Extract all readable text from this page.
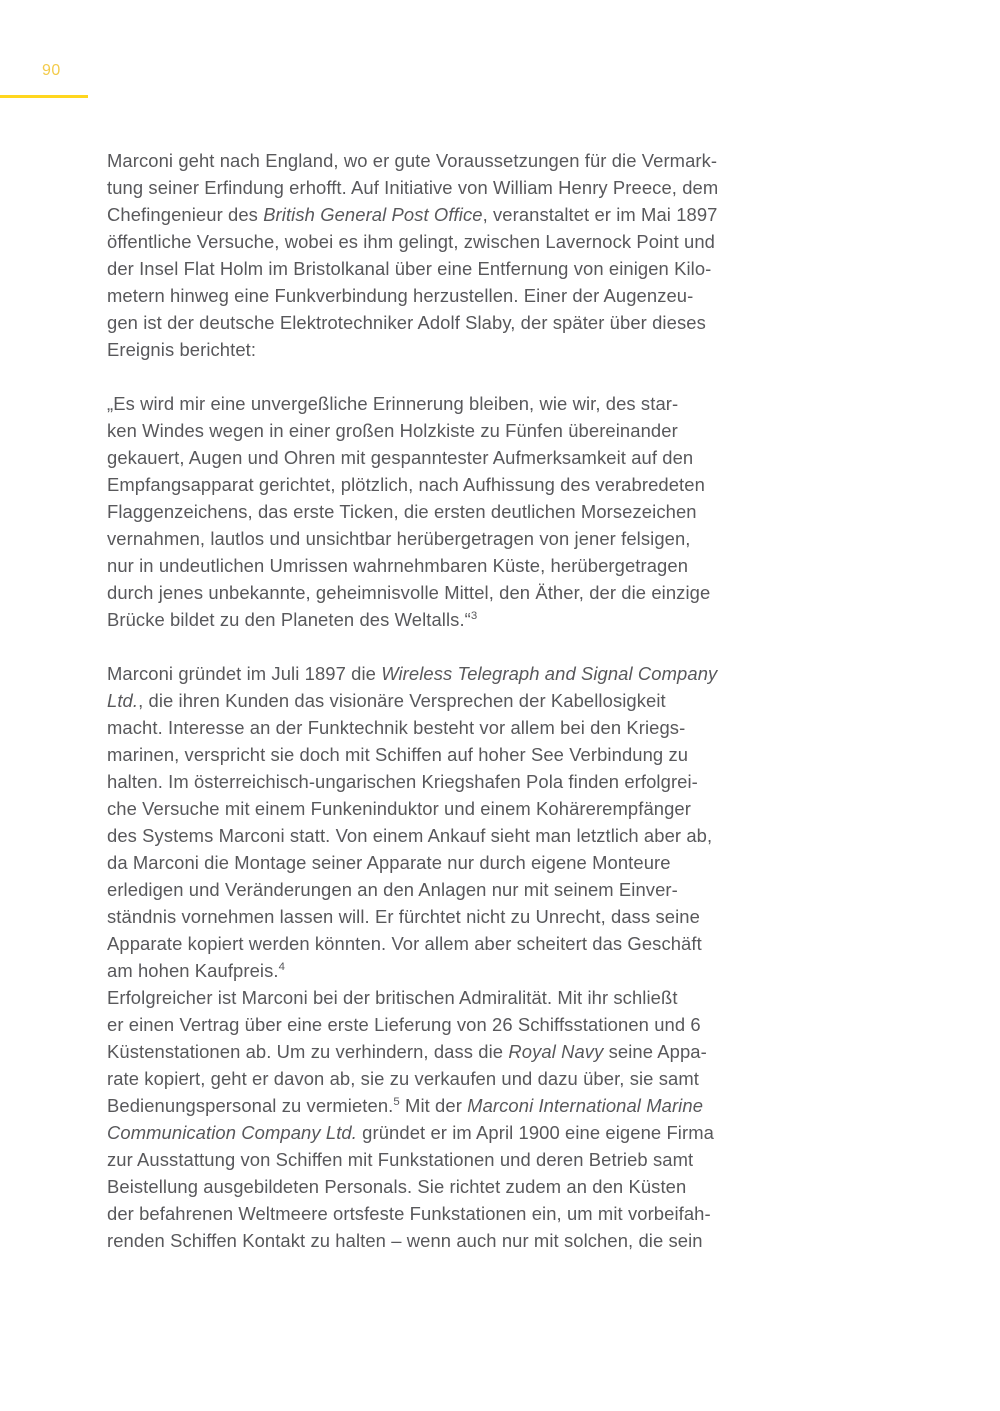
90

Marconi geht nach England, wo er gute Voraussetzungen für die Vermark-
tung seiner Erfindung erhofft. Auf Initiative von William Henry Preece, dem
Chefingenieur des British General Post Office, veranstaltet er im Mai 1897
öffentliche Versuche, wobei es ihm gelingt, zwischen Lavernock Point und
der Insel Flat Holm im Bristolkanal über eine Entfernung von einigen Kilo-
metern hinweg eine Funkverbindung herzustellen. Einer der Augenzeu-
gen ist der deutsche Elektrotechniker Adolf Slaby, der später über dieses
Ereignis berichtet:

„Es wird mir eine unvergeßliche Erinnerung bleiben, wie wir, des star-
ken Windes wegen in einer großen Holzkiste zu Fünfen übereinander
gekauert, Augen und Ohren mit gespanntester Aufmerksamkeit auf den
Empfangsapparat gerichtet, plötzlich, nach Aufhissung des verabredeten
Flaggenzeichens, das erste Ticken, die ersten deutlichen Morsezeichen
vernahmen, lautlos und unsichtbar herübergetragen von jener felsigen,
nur in undeutlichen Umrissen wahrnehmbaren Küste, herübergetragen
durch jenes unbekannte, geheimnisvolle Mittel, den Äther, der die einzige
Brücke bildet zu den Planeten des Weltalls.“$^3$

Marconi gründet im Juli 1897 die Wireless Telegraph and Signal Company
Ltd., die ihren Kunden das visionäre Versprechen der Kabellosigkeit
macht. Interesse an der Funktechnik besteht vor allem bei den Kriegs-
marinen, verspricht sie doch mit Schiffen auf hoher See Verbindung zu
halten. Im österreichisch-ungarischen Kriegshafen Pola finden erfolgrei-
che Versuche mit einem Funkeninduktor und einem Kohärerempfänger
des Systems Marconi statt. Von einem Ankauf sieht man letztlich aber ab,
da Marconi die Montage seiner Apparate nur durch eigene Monteure
erledigen und Veränderungen an den Anlagen nur mit seinem Einver-
ständnis vornehmen lassen will. Er fürchtet nicht zu Unrecht, dass seine
Apparate kopiert werden könnten. Vor allem aber scheitert das Geschäft
am hohen Kaufpreis.$^4$

Erfolgreicher ist Marconi bei der britischen Admiralität. Mit ihr schließt
er einen Vertrag über eine erste Lieferung von 26 Schiffsstationen und 6
Küstenstationen ab. Um zu verhindern, dass die Royal Navy seine Appa-
rate kopiert, geht er davon ab, sie zu verkaufen und dazu über, sie samt
Bedienungspersonal zu vermieten.$^5$ Mit der Marconi International Marine
Communication Company Ltd. gründet er im April 1900 eine eigene Firma
zur Ausstattung von Schiffen mit Funkstationen und deren Betrieb samt
Beistellung ausgebildeten Personals. Sie richtet zudem an den Küsten
der befahrenen Weltmeere ortsfeste Funkstationen ein, um mit vorbeifah-
renden Schiffen Kontakt zu halten – wenn auch nur mit solchen, die sein
